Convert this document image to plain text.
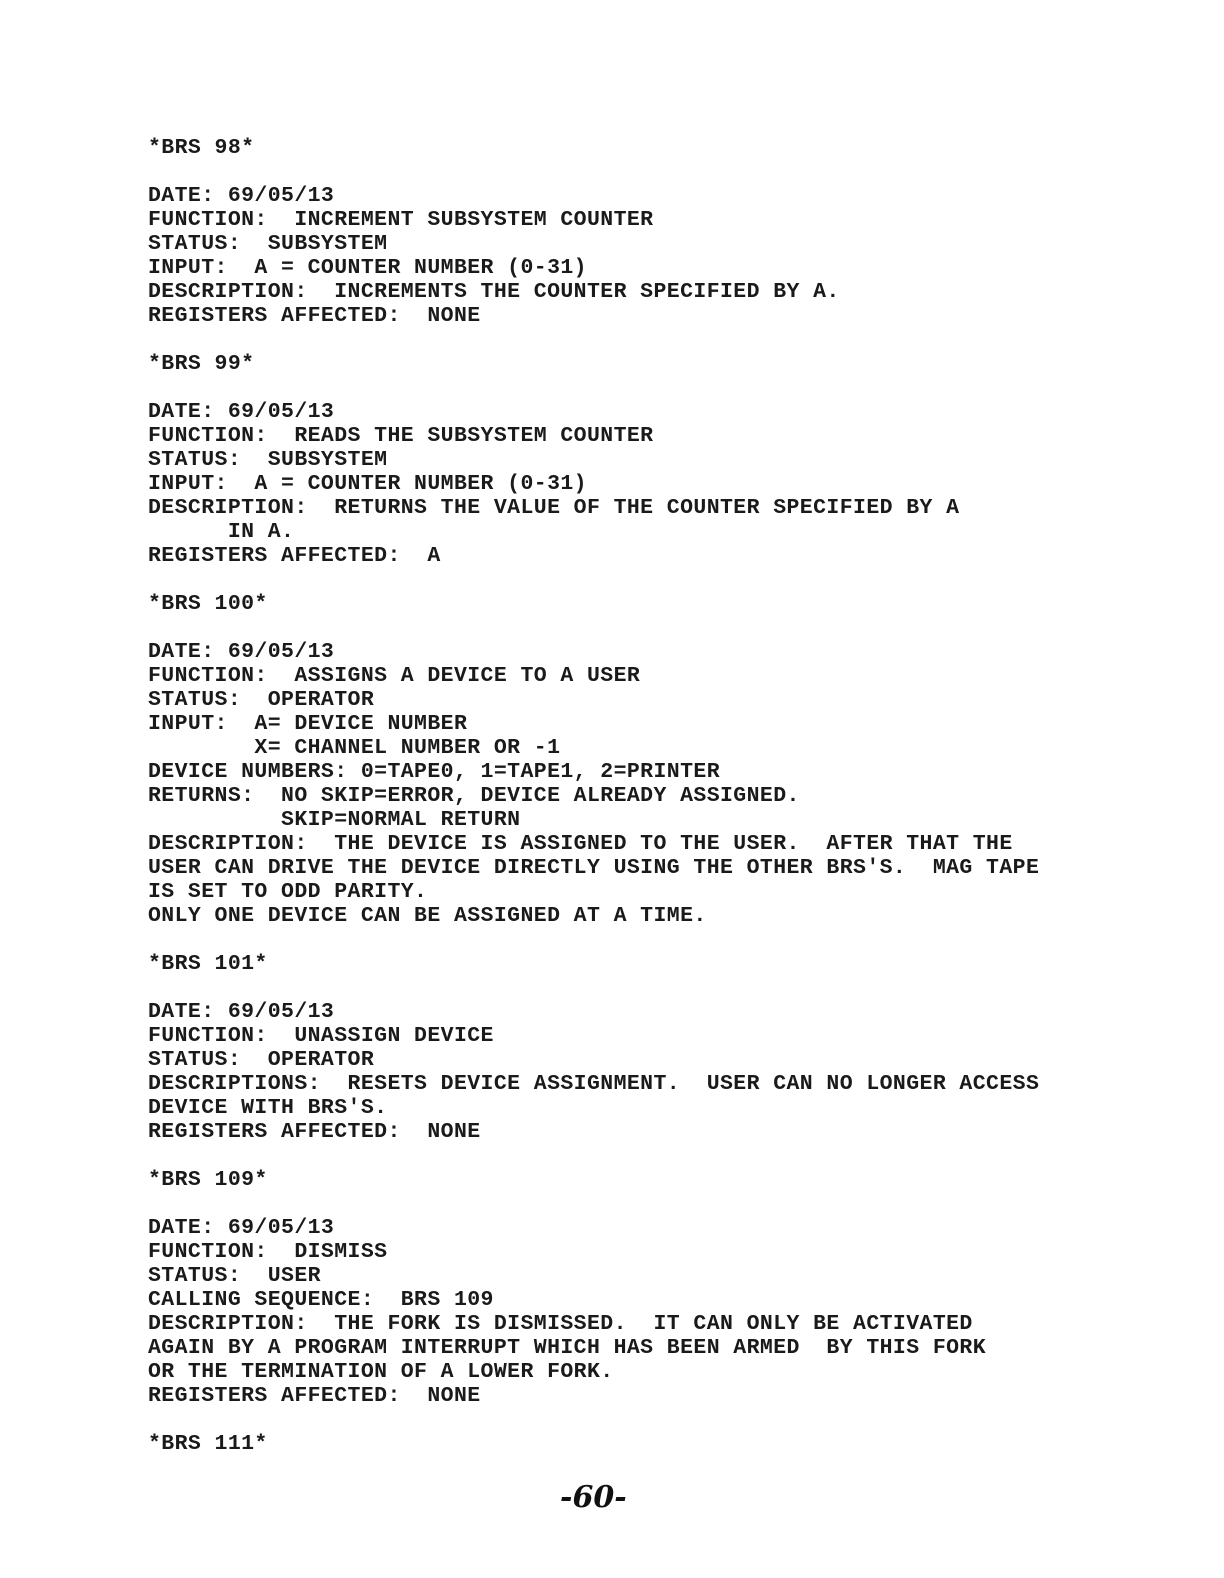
*BRS 98*
DATE: 69/05/13
FUNCTION:  INCREMENT SUBSYSTEM COUNTER
STATUS:  SUBSYSTEM
INPUT:  A = COUNTER NUMBER (0-31)
DESCRIPTION:  INCREMENTS THE COUNTER SPECIFIED BY A.
REGISTERS AFFECTED:  NONE
*BRS 99*
DATE: 69/05/13
FUNCTION:  READS THE SUBSYSTEM COUNTER
STATUS:  SUBSYSTEM
INPUT:  A = COUNTER NUMBER (0-31)
DESCRIPTION:  RETURNS THE VALUE OF THE COUNTER SPECIFIED BY A
IN A.
REGISTERS AFFECTED:  A
*BRS 100*
DATE: 69/05/13
FUNCTION:  ASSIGNS A DEVICE TO A USER
STATUS:  OPERATOR
INPUT:  A= DEVICE NUMBER
X= CHANNEL NUMBER OR -1
DEVICE NUMBERS: 0=TAPE0, 1=TAPE1, 2=PRINTER
RETURNS:  NO SKIP=ERROR, DEVICE ALREADY ASSIGNED.
SKIP=NORMAL RETURN
DESCRIPTION:  THE DEVICE IS ASSIGNED TO THE USER.  AFTER THAT THE
USER CAN DRIVE THE DEVICE DIRECTLY USING THE OTHER BRS'S.  MAG TAPE
IS SET TO ODD PARITY.
ONLY ONE DEVICE CAN BE ASSIGNED AT A TIME.
*BRS 101*
DATE: 69/05/13
FUNCTION:  UNASSIGN DEVICE
STATUS:  OPERATOR
DESCRIPTIONS:  RESETS DEVICE ASSIGNMENT.  USER CAN NO LONGER ACCESS
DEVICE WITH BRS'S.
REGISTERS AFFECTED:  NONE
*BRS 109*
DATE: 69/05/13
FUNCTION:  DISMISS
STATUS:  USER
CALLING SEQUENCE:  BRS 109
DESCRIPTION:  THE FORK IS DISMISSED.  IT CAN ONLY BE ACTIVATED
AGAIN BY A PROGRAM INTERRUPT WHICH HAS BEEN ARMED  BY THIS FORK
OR THE TERMINATION OF A LOWER FORK.
REGISTERS AFFECTED:  NONE
*BRS 111*
-60-
